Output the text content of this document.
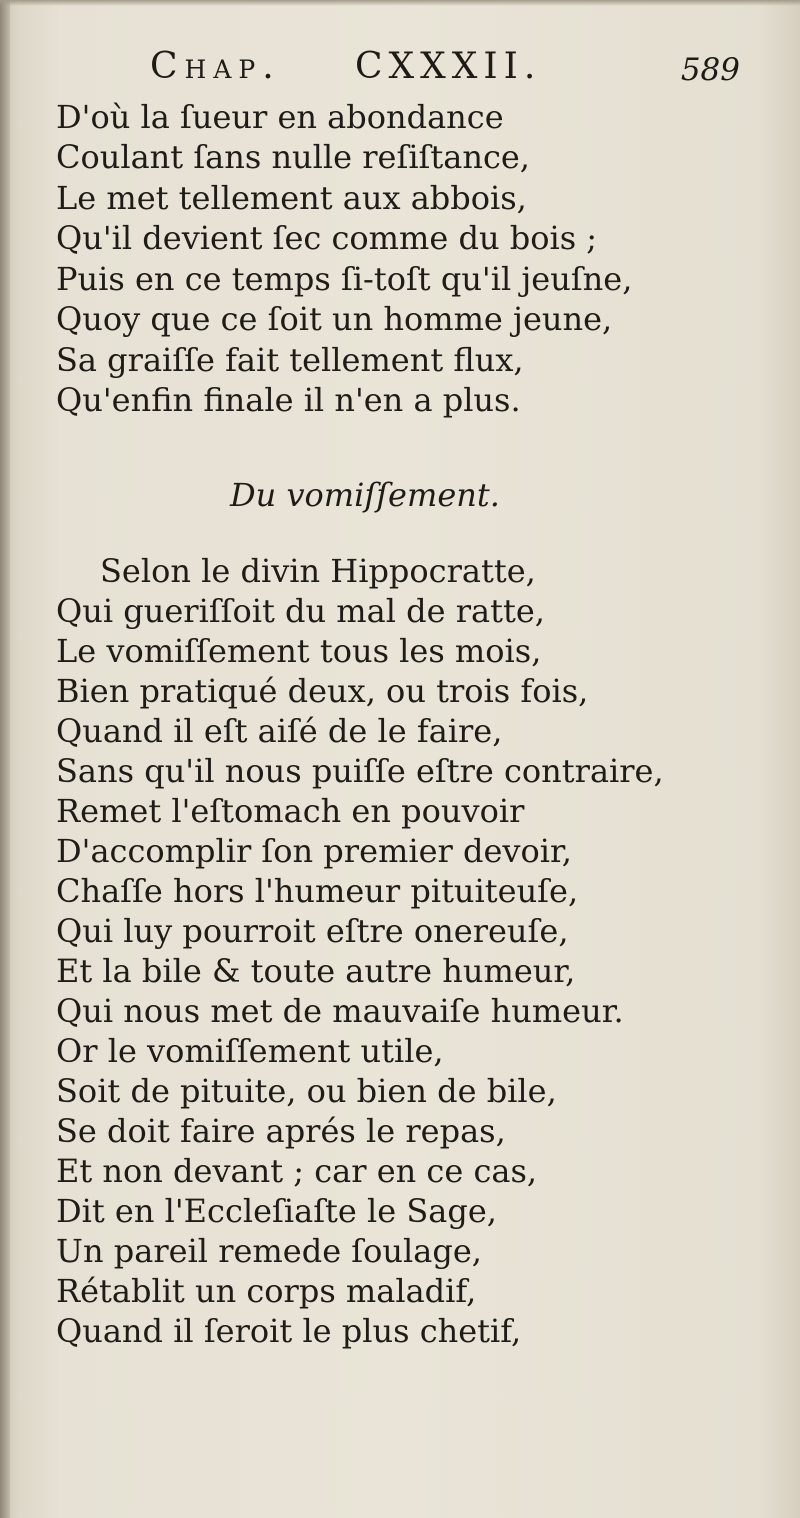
Chap. CXXXII.	589
D'où la ſueur en abondance
Coulant ſans nulle reſiſtance,
Le met tellement aux abbois,
Qu'il devient ſec comme du bois ;
Puis en ce temps ſi-toſt qu'il jeuſne,
Quoy que ce ſoit un homme jeune,
Sa graiſſe fait tellement flux,
Qu'enfin finale il n'en a plus.
Du vomiſſement.
Selon le divin Hippocratte,
Qui gueriſſoit du mal de ratte,
Le vomiſſement tous les mois,
Bien pratiqué deux, ou trois fois,
Quand il eſt aiſé de le faire,
Sans qu'il nous puiſſe eſtre contraire,
Remet l'eſtomach en pouvoir
D'accomplir ſon premier devoir,
Chaſſe hors l'humeur pituiteuſe,
Qui luy pourroit eſtre onereuſe,
Et la bile & toute autre humeur,
Qui nous met de mauvaiſe humeur.
Or le vomiſſement utile,
Soit de pituite, ou bien de bile,
Se doit faire aprés le repas,
Et non devant ; car en ce cas,
Dit en l'Eccleſiaſte le Sage,
Un pareil remede ſoulage,
Rétablit un corps maladif,
Quand il ſeroit le plus chetif,
